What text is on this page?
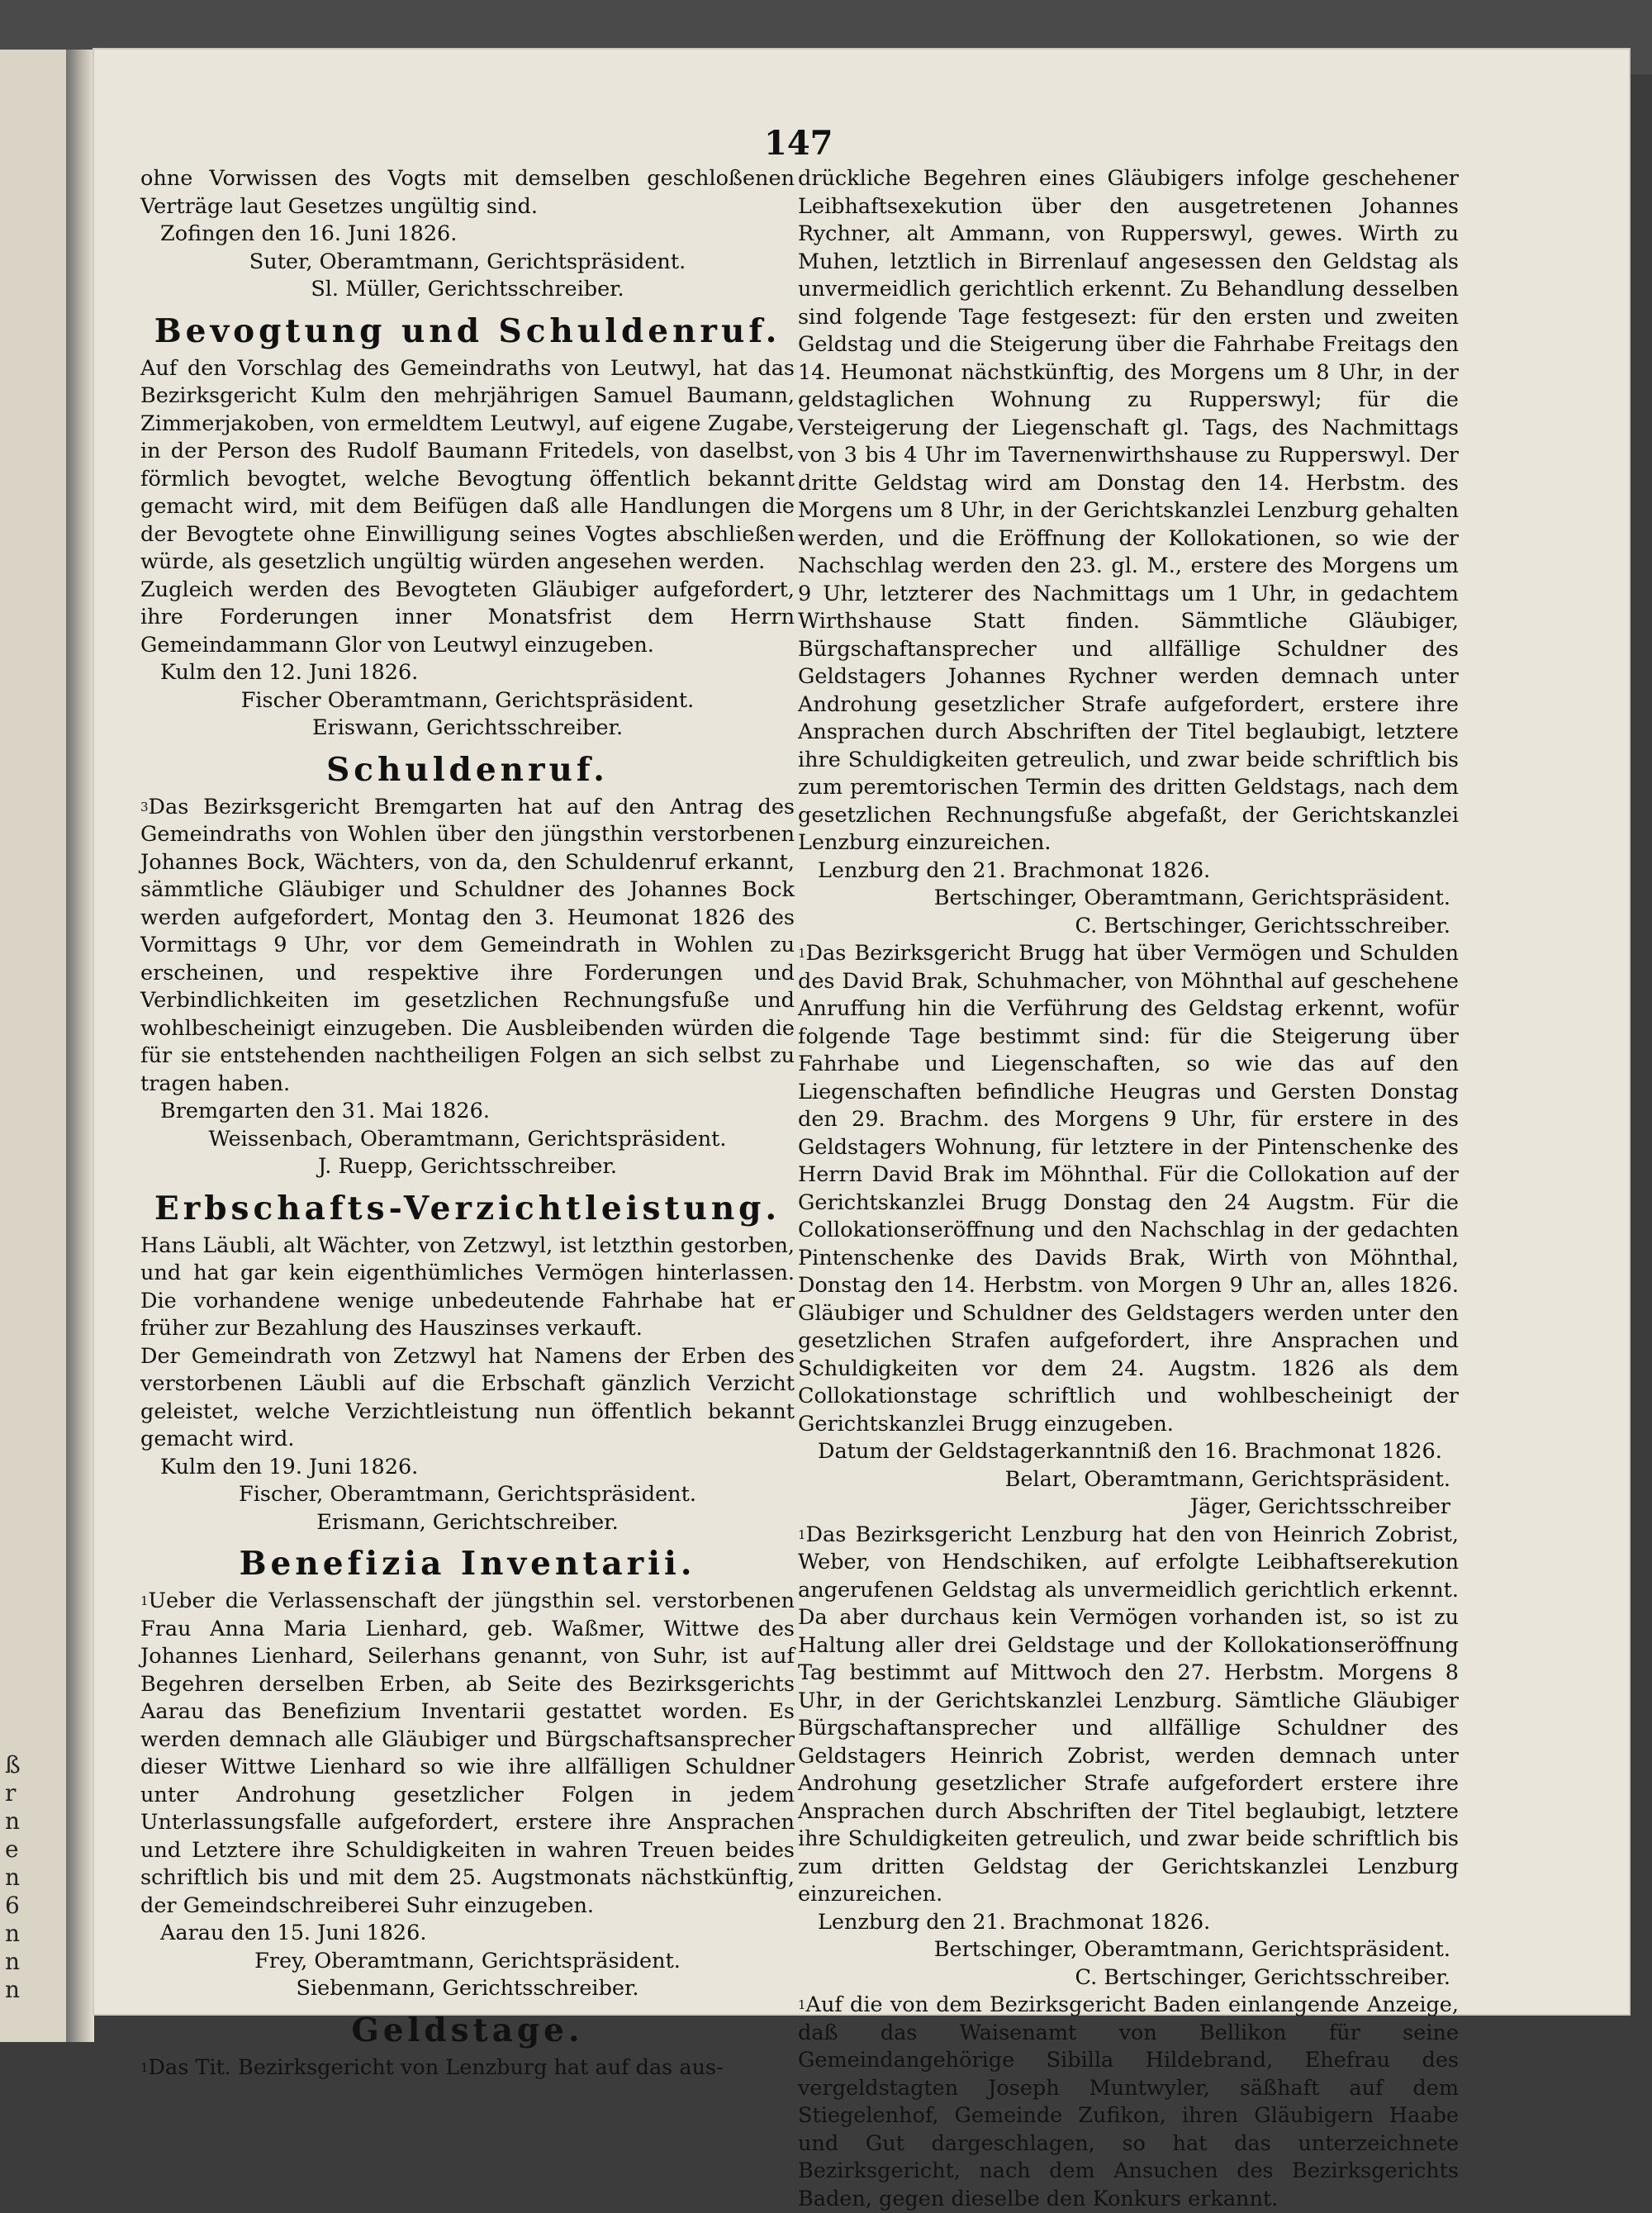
ß
r
n
e
n
6
n
n
n
147

ohne Vorwissen des Vogts mit demselben geschloßenen Verträge laut Gesetzes ungültig sind.

Zofingen den 16. Juni 1826.

Suter, Oberamtmann, Gerichtspräsident.

Sl. Müller, Gerichtsschreiber.

Bevogtung und Schuldenruf.

Auf den Vorschlag des Gemeindraths von Leutwyl, hat das Bezirksgericht Kulm den mehrjährigen Samuel Baumann, Zimmerjakoben, von ermeldtem Leutwyl, auf eigene Zugabe, in der Person des Rudolf Baumann Fritedels, von daselbst, förmlich bevogtet, welche Bevogtung öffentlich bekannt gemacht wird, mit dem Beifügen daß alle Handlungen die der Bevogtete ohne Einwilligung seines Vogtes abschließen würde, als gesetzlich ungültig würden angesehen werden.

Zugleich werden des Bevogteten Gläubiger aufgefordert, ihre Forderungen inner Monatsfrist dem Herrn Gemeindammann Glor von Leutwyl einzugeben.

Kulm den 12. Juni 1826.

Fischer Oberamtmann, Gerichtspräsident.

Eriswann, Gerichtsschreiber.

Schuldenruf.

$^3$Das Bezirksgericht Bremgarten hat auf den Antrag des Gemeindraths von Wohlen über den jüngsthin verstorbenen Johannes Bock, Wächters, von da, den Schuldenruf erkannt, sämmtliche Gläubiger und Schuldner des Johannes Bock werden aufgefordert, Montag den 3. Heumonat 1826 des Vormittags 9 Uhr, vor dem Gemeindrath in Wohlen zu erscheinen, und respektive ihre Forderungen und Verbindlichkeiten im gesetzlichen Rechnungsfuße und wohlbescheinigt einzugeben. Die Ausbleibenden würden die für sie entstehenden nachtheiligen Folgen an sich selbst zu tragen haben.

Bremgarten den 31. Mai 1826.

Weissenbach, Oberamtmann, Gerichtspräsident.

J. Ruepp, Gerichtsschreiber.

Erbschafts-Verzichtleistung.

Hans Läubli, alt Wächter, von Zetzwyl, ist letzthin gestorben, und hat gar kein eigenthümliches Vermögen hinterlassen. Die vorhandene wenige unbedeutende Fahrhabe hat er früher zur Bezahlung des Hauszinses verkauft.

Der Gemeindrath von Zetzwyl hat Namens der Erben des verstorbenen Läubli auf die Erbschaft gänzlich Verzicht geleistet, welche Verzichtleistung nun öffentlich bekannt gemacht wird.

Kulm den 19. Juni 1826.

Fischer, Oberamtmann, Gerichtspräsident.

Erismann, Gerichtschreiber.

Benefizia Inventarii.

$^1$Ueber die Verlassenschaft der jüngsthin sel. verstorbenen Frau Anna Maria Lienhard, geb. Waßmer, Wittwe des Johannes Lienhard, Seilerhans genannt, von Suhr, ist auf Begehren derselben Erben, ab Seite des Bezirksgerichts Aarau das Benefizium Inventarii gestattet worden. Es werden demnach alle Gläubiger und Bürgschaftsansprecher dieser Wittwe Lienhard so wie ihre allfälligen Schuldner unter Androhung gesetzlicher Folgen in jedem Unterlassungsfalle aufgefordert, erstere ihre Ansprachen und Letztere ihre Schuldigkeiten in wahren Treuen beides schriftlich bis und mit dem 25. Augstmonats nächstkünftig, der Gemeindschreiberei Suhr einzugeben.

Aarau den 15. Juni 1826.

Frey, Oberamtmann, Gerichtspräsident.

Siebenmann, Gerichtsschreiber.

Geldstage.

$^1$Das Tit. Bezirksgericht von Lenzburg hat auf das aus-

drückliche Begehren eines Gläubigers infolge geschehener Leibhaftsexekution über den ausgetretenen Johannes Rychner, alt Ammann, von Rupperswyl, gewes. Wirth zu Muhen, letztlich in Birrenlauf angesessen den Geldstag als unvermeidlich gerichtlich erkennt. Zu Behandlung desselben sind folgende Tage festgesezt: für den ersten und zweiten Geldstag und die Steigerung über die Fahrhabe Freitags den 14. Heumonat nächstkünftig, des Morgens um 8 Uhr, in der geldstaglichen Wohnung zu Rupperswyl; für die Versteigerung der Liegenschaft gl. Tags, des Nachmittags von 3 bis 4 Uhr im Tavernenwirthshause zu Rupperswyl. Der dritte Geldstag wird am Donstag den 14. Herbstm. des Morgens um 8 Uhr, in der Gerichtskanzlei Lenzburg gehalten werden, und die Eröffnung der Kollokationen, so wie der Nachschlag werden den 23. gl. M., erstere des Morgens um 9 Uhr, letzterer des Nachmittags um 1 Uhr, in gedachtem Wirthshause Statt finden. Sämmtliche Gläubiger, Bürgschaftansprecher und allfällige Schuldner des Geldstagers Johannes Rychner werden demnach unter Androhung gesetzlicher Strafe aufgefordert, erstere ihre Ansprachen durch Abschriften der Titel beglaubigt, letztere ihre Schuldigkeiten getreulich, und zwar beide schriftlich bis zum peremtorischen Termin des dritten Geldstags, nach dem gesetzlichen Rechnungsfuße abgefaßt, der Gerichtskanzlei Lenzburg einzureichen.

Lenzburg den 21. Brachmonat 1826.

Bertschinger, Oberamtmann, Gerichtspräsident.

C. Bertschinger, Gerichtsschreiber.

$^1$Das Bezirksgericht Brugg hat über Vermögen und Schulden des David Brak, Schuhmacher, von Möhnthal auf geschehene Anruffung hin die Verführung des Geldstag erkennt, wofür folgende Tage bestimmt sind: für die Steigerung über Fahrhabe und Liegenschaften, so wie das auf den Liegenschaften befindliche Heugras und Gersten Donstag den 29. Brachm. des Morgens 9 Uhr, für erstere in des Geldstagers Wohnung, für letztere in der Pintenschenke des Herrn David Brak im Möhnthal. Für die Collokation auf der Gerichtskanzlei Brugg Donstag den 24 Augstm. Für die Collokationseröffnung und den Nachschlag in der gedachten Pintenschenke des Davids Brak, Wirth von Möhnthal, Donstag den 14. Herbstm. von Morgen 9 Uhr an, alles 1826. Gläubiger und Schuldner des Geldstagers werden unter den gesetzlichen Strafen aufgefordert, ihre Ansprachen und Schuldigkeiten vor dem 24. Augstm. 1826 als dem Collokationstage schriftlich und wohlbescheinigt der Gerichtskanzlei Brugg einzugeben.

Datum der Geldstagerkanntniß den 16. Brachmonat 1826.

Belart, Oberamtmann, Gerichtspräsident.

Jäger, Gerichtsschreiber

$^1$Das Bezirksgericht Lenzburg hat den von Heinrich Zobrist, Weber, von Hendschiken, auf erfolgte Leibhaftserekution angerufenen Geldstag als unvermeidlich gerichtlich erkennt. Da aber durchaus kein Vermögen vorhanden ist, so ist zu Haltung aller drei Geldstage und der Kollokationseröffnung Tag bestimmt auf Mittwoch den 27. Herbstm. Morgens 8 Uhr, in der Gerichtskanzlei Lenzburg. Sämtliche Gläubiger Bürgschaftansprecher und allfällige Schuldner des Geldstagers Heinrich Zobrist, werden demnach unter Androhung gesetzlicher Strafe aufgefordert erstere ihre Ansprachen durch Abschriften der Titel beglaubigt, letztere ihre Schuldigkeiten getreulich, und zwar beide schriftlich bis zum dritten Geldstag der Gerichtskanzlei Lenzburg einzureichen.

Lenzburg den 21. Brachmonat 1826.

Bertschinger, Oberamtmann, Gerichtspräsident.

C. Bertschinger, Gerichtsschreiber.

$^1$Auf die von dem Bezirksgericht Baden einlangende Anzeige, daß das Waisenamt von Bellikon für seine Gemeindangehörige Sibilla Hildebrand, Ehefrau des vergeldstagten Joseph Muntwyler, säßhaft auf dem Stiegelenhof, Gemeinde Zufikon, ihren Gläubigern Haabe und Gut dargeschlagen, so hat das unterzeichnete Bezirksgericht, nach dem Ansuchen des Bezirksgerichts Baden, gegen dieselbe den Konkurs erkannt.
